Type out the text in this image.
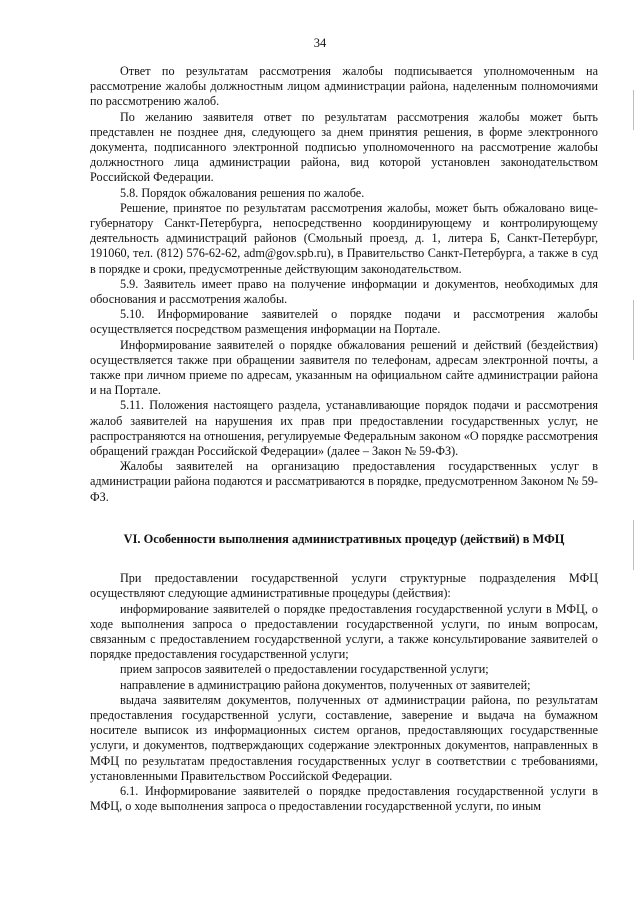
34

Ответ по результатам рассмотрения жалобы подписывается уполномоченным на рассмотрение жалобы должностным лицом администрации района, наделенным полномочиями по рассмотрению жалоб.

По желанию заявителя ответ по результатам рассмотрения жалобы может быть представлен не позднее дня, следующего за днем принятия решения, в форме электронного документа, подписанного электронной подписью уполномоченного на рассмотрение жалобы должностного лица администрации района, вид которой установлен законодательством Российской Федерации.

5.8. Порядок обжалования решения по жалобе.

Решение, принятое по результатам рассмотрения жалобы, может быть обжаловано вице-губернатору Санкт-Петербурга, непосредственно координирующему и контролирующему деятельность администраций районов (Смольный проезд, д. 1, литера Б, Санкт-Петербург, 191060, тел. (812) 576-62-62, adm@gov.spb.ru), в Правительство Санкт-Петербурга, а также в суд в порядке и сроки, предусмотренные действующим законодательством.

5.9. Заявитель имеет право на получение информации и документов, необходимых для обоснования и рассмотрения жалобы.

5.10. Информирование заявителей о порядке подачи и рассмотрения жалобы осуществляется посредством размещения информации на Портале.

Информирование заявителей о порядке обжалования решений и действий (бездействия) осуществляется также при обращении заявителя по телефонам, адресам электронной почты, а также при личном приеме по адресам, указанным на официальном сайте администрации района и на Портале.

5.11. Положения настоящего раздела, устанавливающие порядок подачи и рассмотрения жалоб заявителей на нарушения их прав при предоставлении государственных услуг, не распространяются на отношения, регулируемые Федеральным законом «О порядке рассмотрения обращений граждан Российской Федерации» (далее – Закон № 59-ФЗ).

Жалобы заявителей на организацию предоставления государственных услуг в администрации района подаются и рассматриваются в порядке, предусмотренном Законом № 59-ФЗ.

VI. Особенности выполнения административных процедур (действий) в МФЦ

При предоставлении государственной услуги структурные подразделения МФЦ осуществляют следующие административные процедуры (действия):

информирование заявителей о порядке предоставления государственной услуги в МФЦ, о ходе выполнения запроса о предоставлении государственной услуги, по иным вопросам, связанным с предоставлением государственной услуги, а также консультирование заявителей о порядке предоставления государственной услуги;

прием запросов заявителей о предоставлении государственной услуги;

направление в администрацию района документов, полученных от заявителей;

выдача заявителям документов, полученных от администрации района, по результатам предоставления государственной услуги, составление, заверение и выдача на бумажном носителе выписок из информационных систем органов, предоставляющих государственные услуги, и документов, подтверждающих содержание электронных документов, направленных в МФЦ по результатам предоставления государственных услуг в соответствии с требованиями, установленными Правительством Российской Федерации.

6.1. Информирование заявителей о порядке предоставления государственной услуги в МФЦ, о ходе выполнения запроса о предоставлении государственной услуги, по иным
